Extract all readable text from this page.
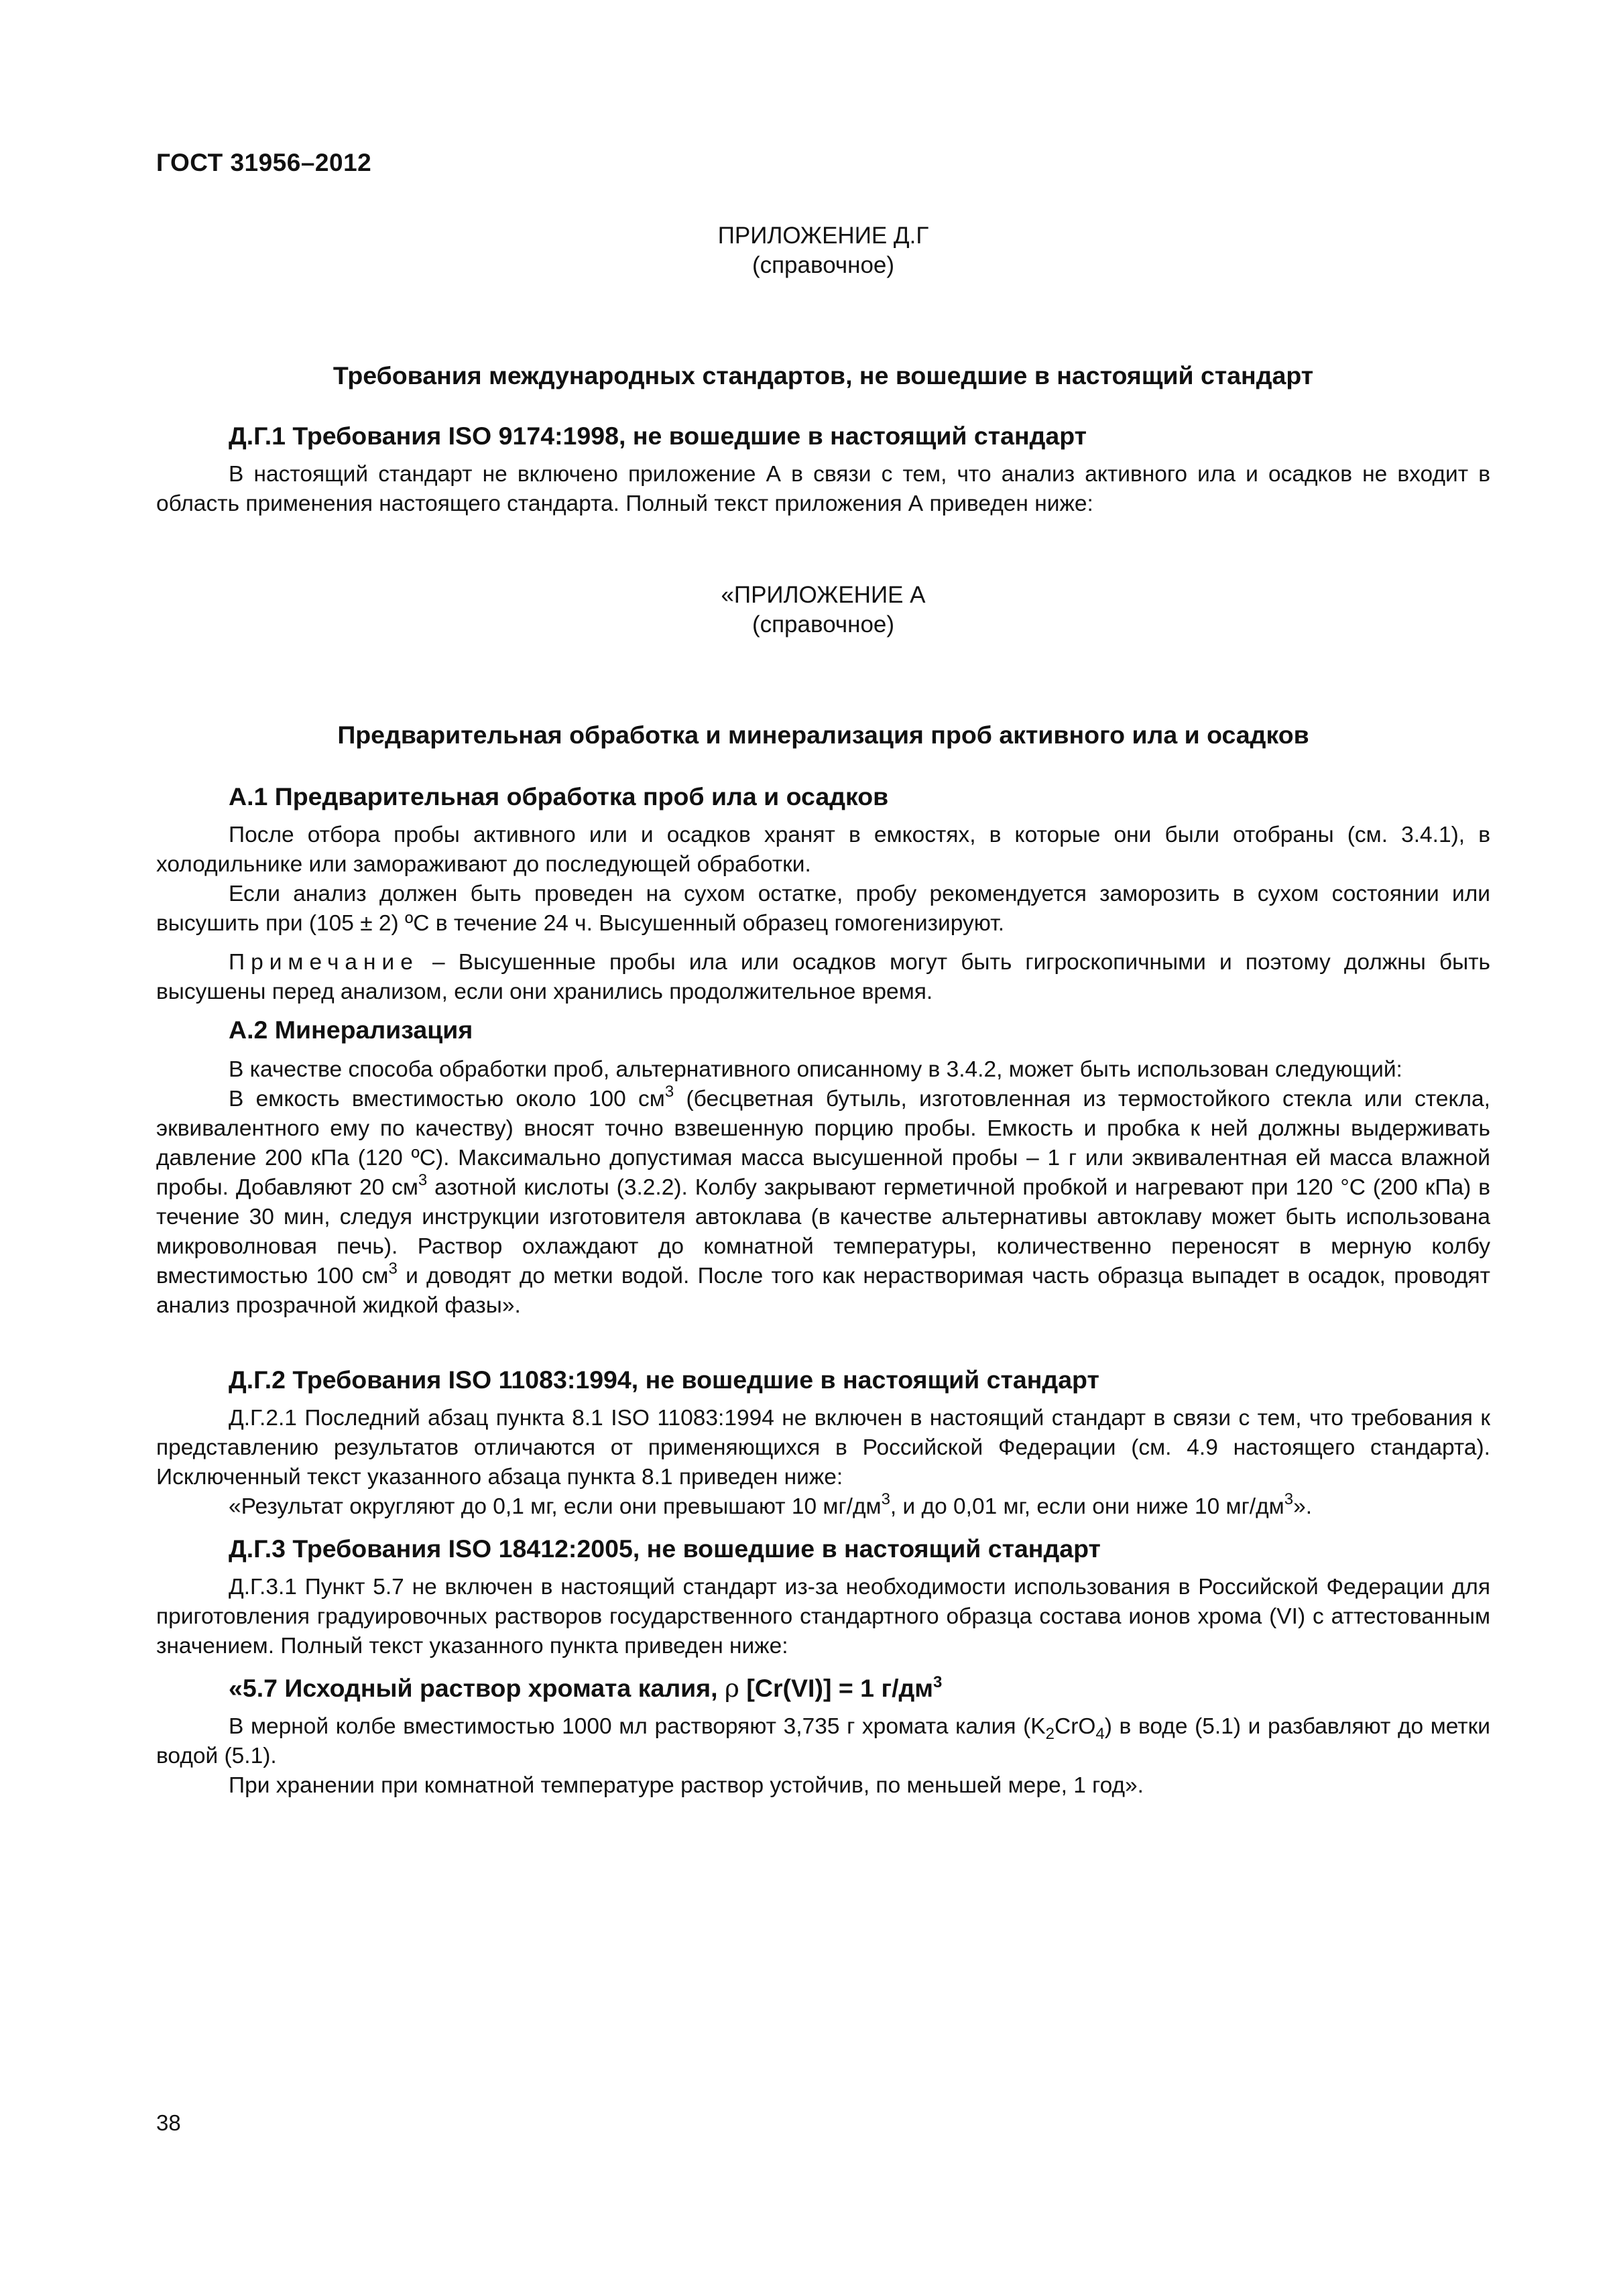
ГОСТ 31956–2012
ПРИЛОЖЕНИЕ Д.Г
(справочное)
Требования международных стандартов, не вошедшие в настоящий стандарт
Д.Г.1 Требования ISO 9174:1998, не вошедшие в настоящий стандарт
В настоящий стандарт не включено приложение А в связи с тем, что анализ активного ила и осадков не входит в область применения настоящего стандарта. Полный текст приложения А приведен ниже:
«ПРИЛОЖЕНИЕ А
(справочное)
Предварительная обработка и минерализация проб активного ила и осадков
А.1 Предварительная обработка проб ила и осадков
После отбора пробы активного или и осадков хранят в емкостях, в которые они были отобраны (см. 3.4.1), в холодильнике или замораживают до последующей обработки.
Если анализ должен быть проведен на сухом остатке, пробу рекомендуется заморозить в сухом состоянии или высушить при (105 ± 2) ºС в течение 24 ч. Высушенный образец гомогенизируют.
Примечание – Высушенные пробы ила или осадков могут быть гигроскопичными и поэтому должны быть высушены перед анализом, если они хранились продолжительное время.
А.2 Минерализация
В качестве способа обработки проб, альтернативного описанному в 3.4.2, может быть использован следующий:
В емкость вместимостью около 100 $см^3$ (бесцветная бутыль, изготовленная из термостойкого стекла или стекла, эквивалентного ему по качеству) вносят точно взвешенную порцию пробы. Емкость и пробка к ней должны выдерживать давление 200 кПа (120 ºС). Максимально допустимая масса высушенной пробы – 1 г или эквивалентная ей масса влажной пробы. Добавляют 20 $см^3$ азотной кислоты (3.2.2). Колбу закрывают герметичной пробкой и нагревают при 120 °С (200 кПа) в течение 30 мин, следуя инструкции изготовителя автоклава (в качестве альтернативы автоклаву может быть использована микроволновая печь). Раствор охлаждают до комнатной температуры, количественно переносят в мерную колбу вместимостью 100 $см^3$ и доводят до метки водой. После того как нерастворимая часть образца выпадет в осадок, проводят анализ прозрачной жидкой фазы».
Д.Г.2 Требования ISO 11083:1994, не вошедшие в настоящий стандарт
Д.Г.2.1 Последний абзац пункта 8.1 ISO 11083:1994 не включен в настоящий стандарт в связи с тем, что требования к представлению результатов отличаются от применяющихся в Российской Федерации (см. 4.9 настоящего стандарта). Исключенный текст указанного абзаца пункта 8.1 приведен ниже:
«Результат округляют до 0,1 мг, если они превышают 10 $мг/дм^3$, и до 0,01 мг, если они ниже 10 $мг/дм^3$».
Д.Г.3 Требования ISO 18412:2005, не вошедшие в настоящий стандарт
Д.Г.3.1 Пункт 5.7 не включен в настоящий стандарт из-за необходимости использования в Российской Федерации для приготовления градуировочных растворов государственного стандартного образца состава ионов хрома (VI) с аттестованным значением. Полный текст указанного пункта приведен ниже:
«5.7 Исходный раствор хромата калия, ρ [Cr(VI)] = 1 $г/дм^3$
В мерной колбе вместимостью 1000 мл растворяют 3,735 г хромата калия $(K_2CrO_4)$ в воде (5.1) и разбавляют до метки водой (5.1).
При хранении при комнатной температуре раствор устойчив, по меньшей мере, 1 год».
38
